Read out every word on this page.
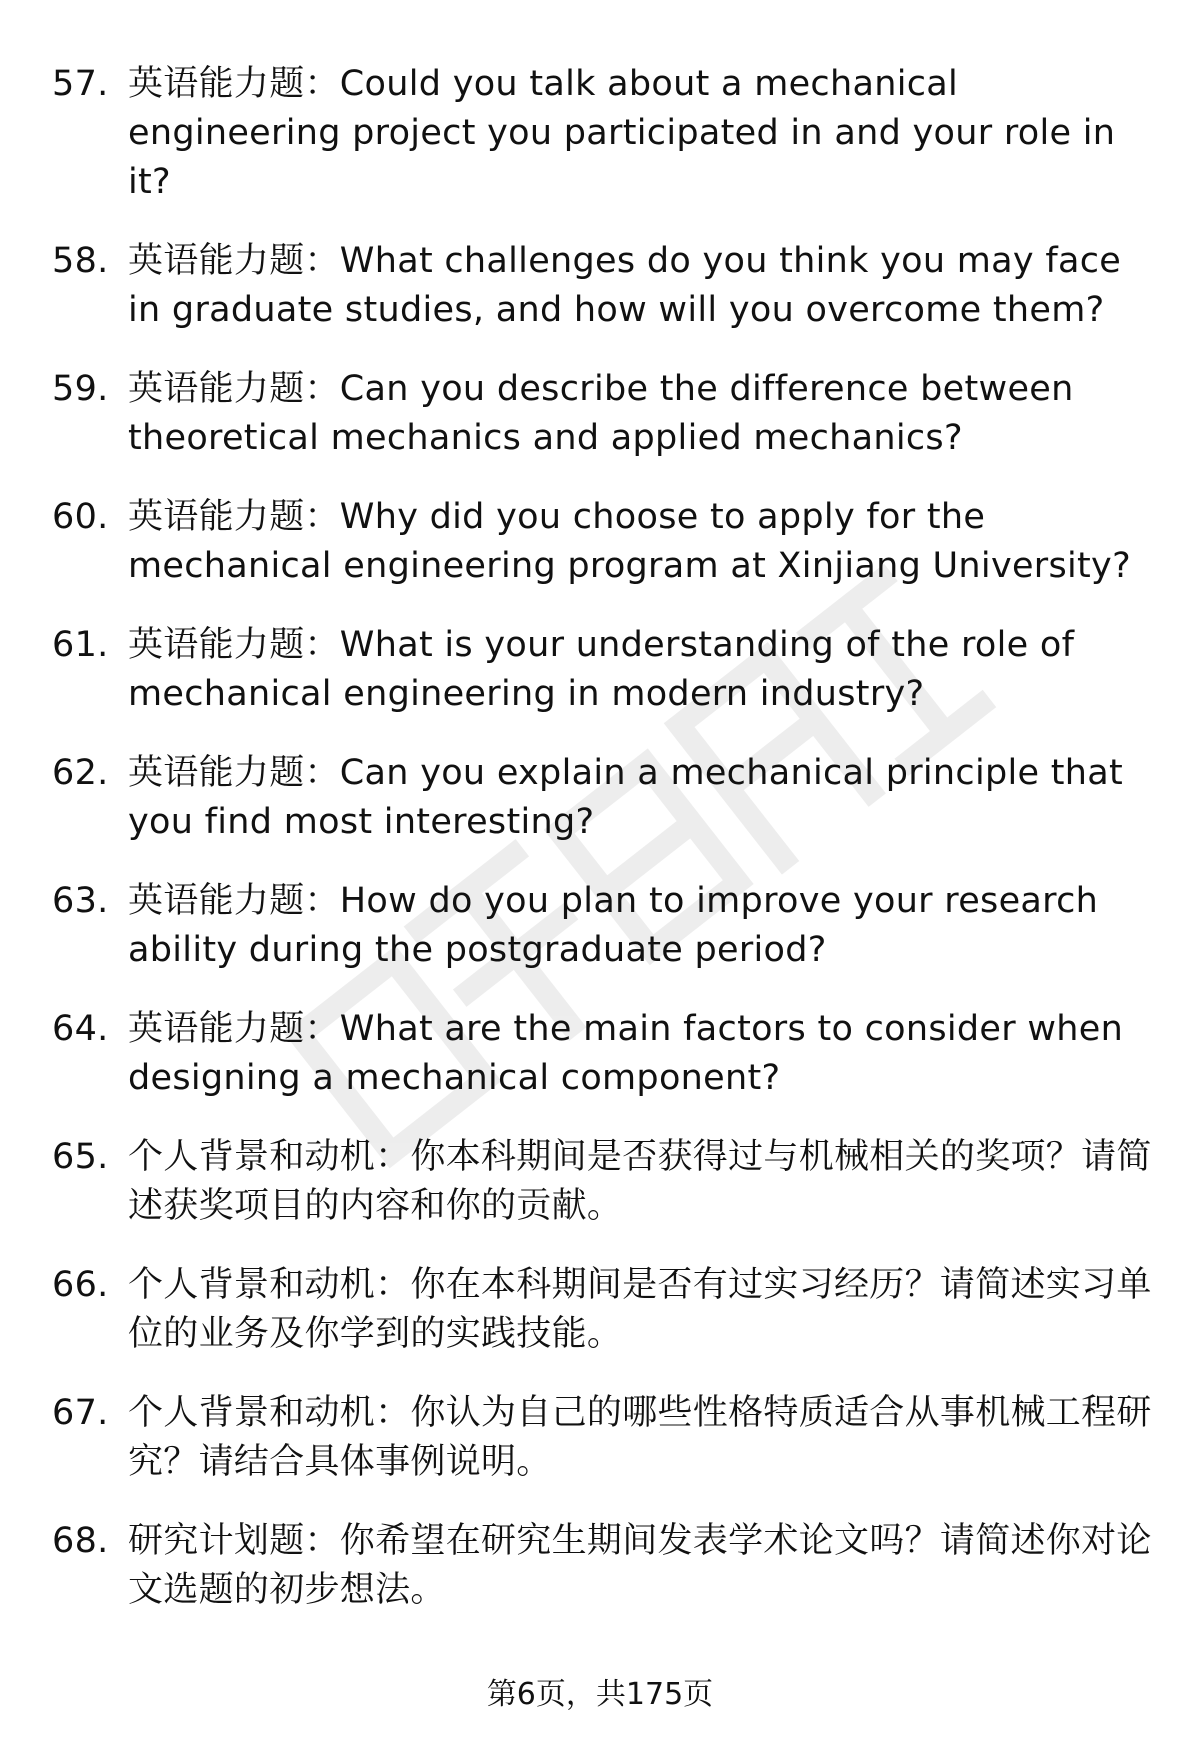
57. 英语能力题：Could you talk about a mechanical engineering project you participated in and your role in it?
58. 英语能力题：What challenges do you think you may face in graduate studies, and how will you overcome them?
59. 英语能力题：Can you describe the difference between theoretical mechanics and applied mechanics?
60. 英语能力题：Why did you choose to apply for the mechanical engineering program at Xinjiang University?
61. 英语能力题：What is your understanding of the role of mechanical engineering in modern industry?
62. 英语能力题：Can you explain a mechanical principle that you find most interesting?
63. 英语能力题：How do you plan to improve your research ability during the postgraduate period?
64. 英语能力题：What are the main factors to consider when designing a mechanical component?
65. 个人背景和动机：你本科期间是否获得过与机械相关的奖项？请简述获奖项目的内容和你的贡献。
66. 个人背景和动机：你在本科期间是否有过实习经历？请简述实习单位的业务及你学到的实践技能。
67. 个人背景和动机：你认为自己的哪些性格特质适合从事机械工程研究？请结合具体事例说明。
68. 研究计划题：你希望在研究生期间发表学术论文吗？请简述你对论文选题的初步想法。
第6页，共175页
